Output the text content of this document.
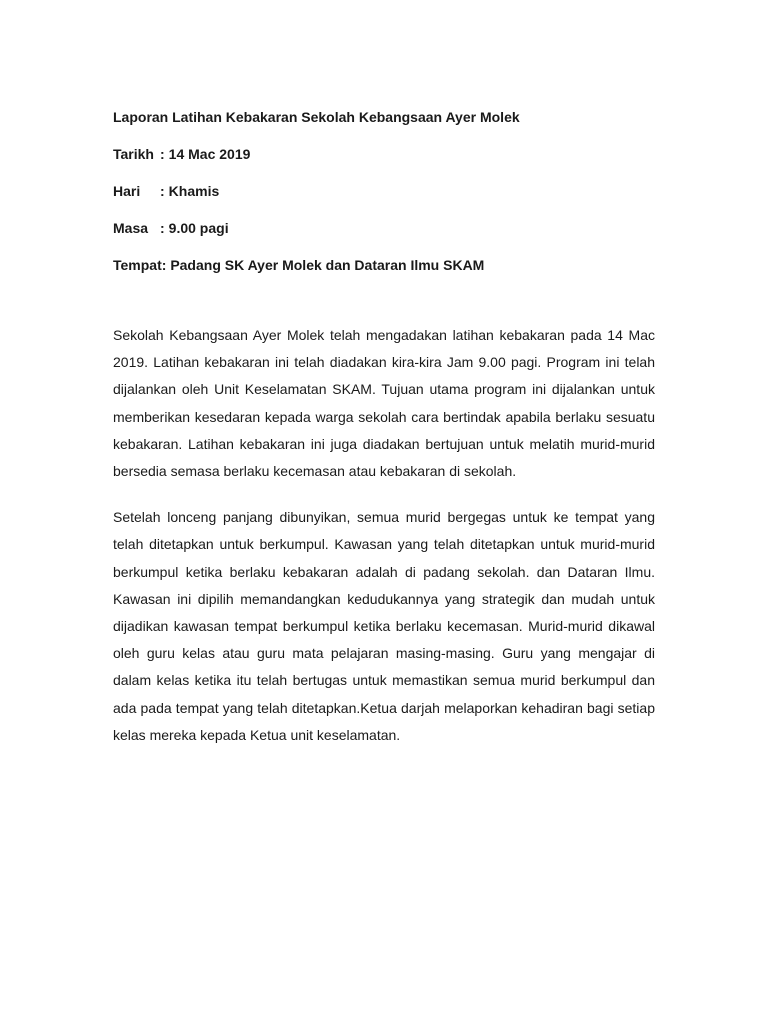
Laporan Latihan Kebakaran Sekolah Kebangsaan Ayer Molek
Tarikh : 14 Mac 2019
Hari : Khamis
Masa : 9.00 pagi
Tempat: Padang SK Ayer Molek dan Dataran Ilmu SKAM

Sekolah Kebangsaan Ayer Molek telah mengadakan latihan kebakaran pada 14 Mac 2019. Latihan kebakaran ini telah diadakan kira-kira Jam 9.00 pagi. Program ini telah dijalankan oleh Unit Keselamatan SKAM. Tujuan utama program ini dijalankan untuk memberikan kesedaran kepada warga sekolah cara bertindak apabila berlaku sesuatu kebakaran. Latihan kebakaran ini juga diadakan bertujuan untuk melatih murid-murid bersedia semasa berlaku kecemasan atau kebakaran di sekolah.

Setelah lonceng panjang dibunyikan, semua murid bergegas untuk ke tempat yang telah ditetapkan untuk berkumpul. Kawasan yang telah ditetapkan untuk murid-murid berkumpul ketika berlaku kebakaran adalah di padang sekolah. dan Dataran Ilmu. Kawasan ini dipilih memandangkan kedudukannya yang strategik dan mudah untuk dijadikan kawasan tempat berkumpul ketika berlaku kecemasan. Murid-murid dikawal oleh guru kelas atau guru mata pelajaran masing-masing. Guru yang mengajar di dalam kelas ketika itu telah bertugas untuk memastikan semua murid berkumpul dan ada pada tempat yang telah ditetapkan.Ketua darjah melaporkan kehadiran bagi setiap kelas mereka kepada Ketua unit keselamatan.
